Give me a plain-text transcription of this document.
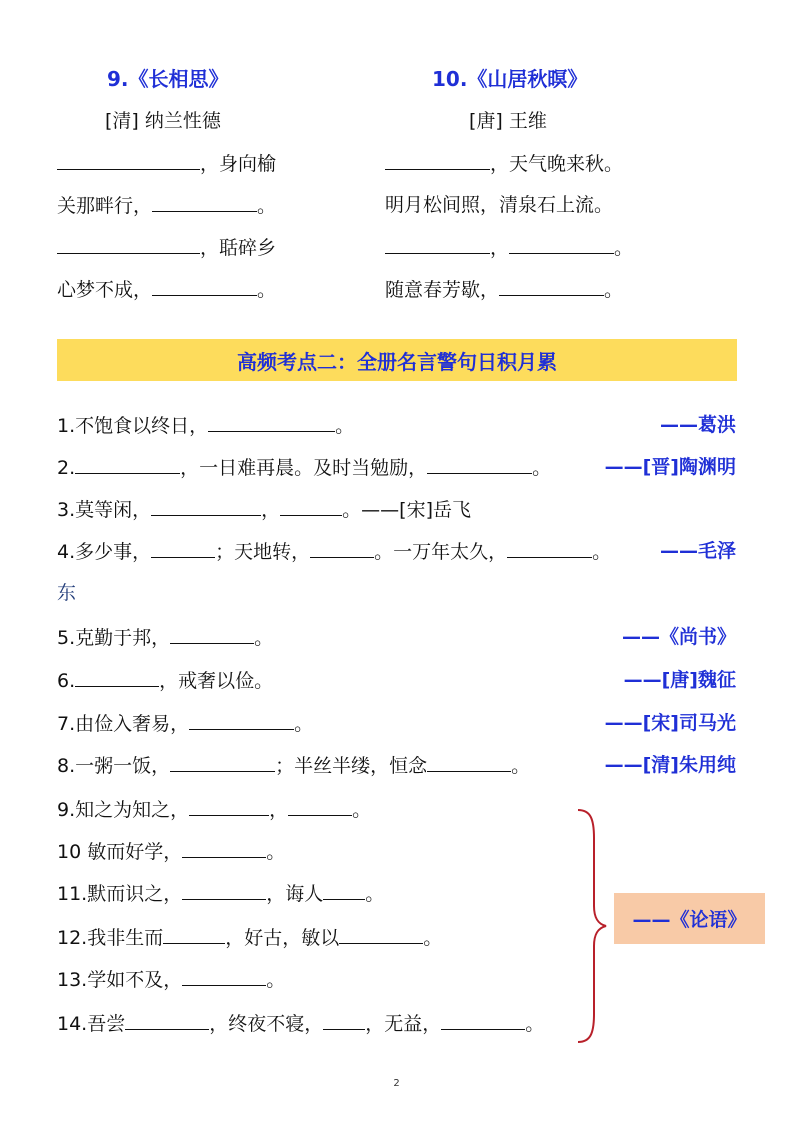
9.《长相思》	10.《山居秋暝》
[清] 纳兰性德	[唐] 王维
，身向榆	，天气晚来秋。
关那畔行，	。	明月松间照，清泉石上流。
，聒碎乡	，	。
心梦不成，	。	随意春芳歇，	。
高频考点二：全册名言警句日积月累
1.不饱食以终日，	。	——葛洪
2.	，一日难再晨。及时当勉励，	。	——[晋]陶渊明
3.莫等闲，	，	。——[宋]岳飞
4.多少事，	；天地转，	。一万年太久，	。	——毛泽
东
5.克勤于邦，	。	——《尚书》
6.	，戒奢以俭。	——[唐]魏征
7.由俭入奢易，	。	——[宋]司马光
8.一粥一饭，	；半丝半缕，恒念	。	——[清]朱用纯
9.知之为知之，	，	。
10 敏而好学，	。
11.默而识之，	，诲人 。
12.我非生而	，好古，敏以	。
13.学如不及，	。
14.吾尝	，终夜不寝， ，无益，	。
——《论语》
2
